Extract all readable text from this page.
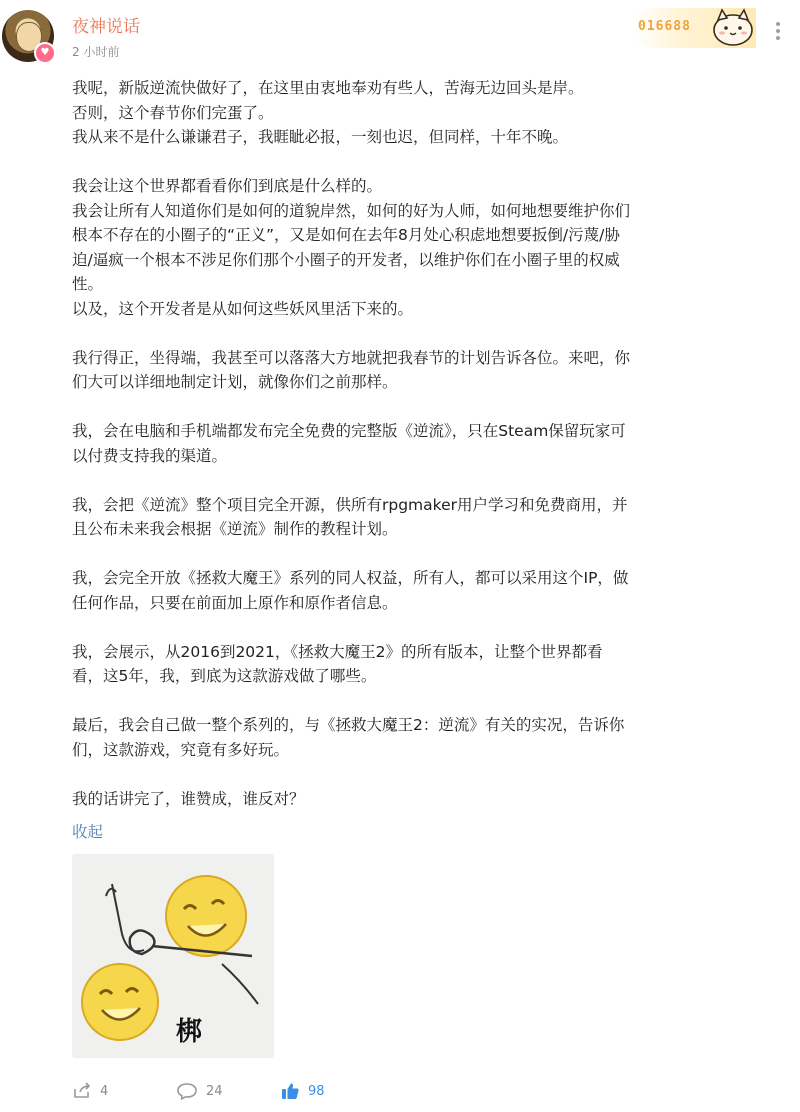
♥
夜神说话
2 小时前
016688
我呢，新版逆流快做好了，在这里由衷地奉劝有些人，苦海无边回头是岸。
否则，这个春节你们完蛋了。
我从来不是什么谦谦君子，我睚眦必报，一刻也迟，但同样，十年不晚。
我会让这个世界都看看你们到底是什么样的。
我会让所有人知道你们是如何的道貌岸然，如何的好为人师，如何地想要维护你们
根本不存在的小圈子的“正义”，又是如何在去年8月处心积虑地想要扳倒/污蔑/胁
迫/逼疯一个根本不涉足你们那个小圈子的开发者，以维护你们在小圈子里的权威
性。
以及，这个开发者是从如何这些妖风里活下来的。
我行得正，坐得端，我甚至可以落落大方地就把我春节的计划告诉各位。来吧，你
们大可以详细地制定计划，就像你们之前那样。
我，会在电脑和手机端都发布完全免费的完整版《逆流》，只在Steam保留玩家可
以付费支持我的渠道。
我，会把《逆流》整个项目完全开源，供所有rpgmaker用户学习和免费商用，并
且公布未来我会根据《逆流》制作的教程计划。
我，会完全开放《拯救大魔王》系列的同人权益，所有人，都可以采用这个IP，做
任何作品，只要在前面加上原作和原作者信息。
我，会展示，从2016到2021，《拯救大魔王2》的所有版本，让整个世界都看
看，这5年，我，到底为这款游戏做了哪些。
最后，我会自己做一整个系列的，与《拯救大魔王2：逆流》有关的实况，告诉你
们，这款游戏，究竟有多好玩。
我的话讲完了，谁赞成，谁反对？
收起
梆
4	24	98
